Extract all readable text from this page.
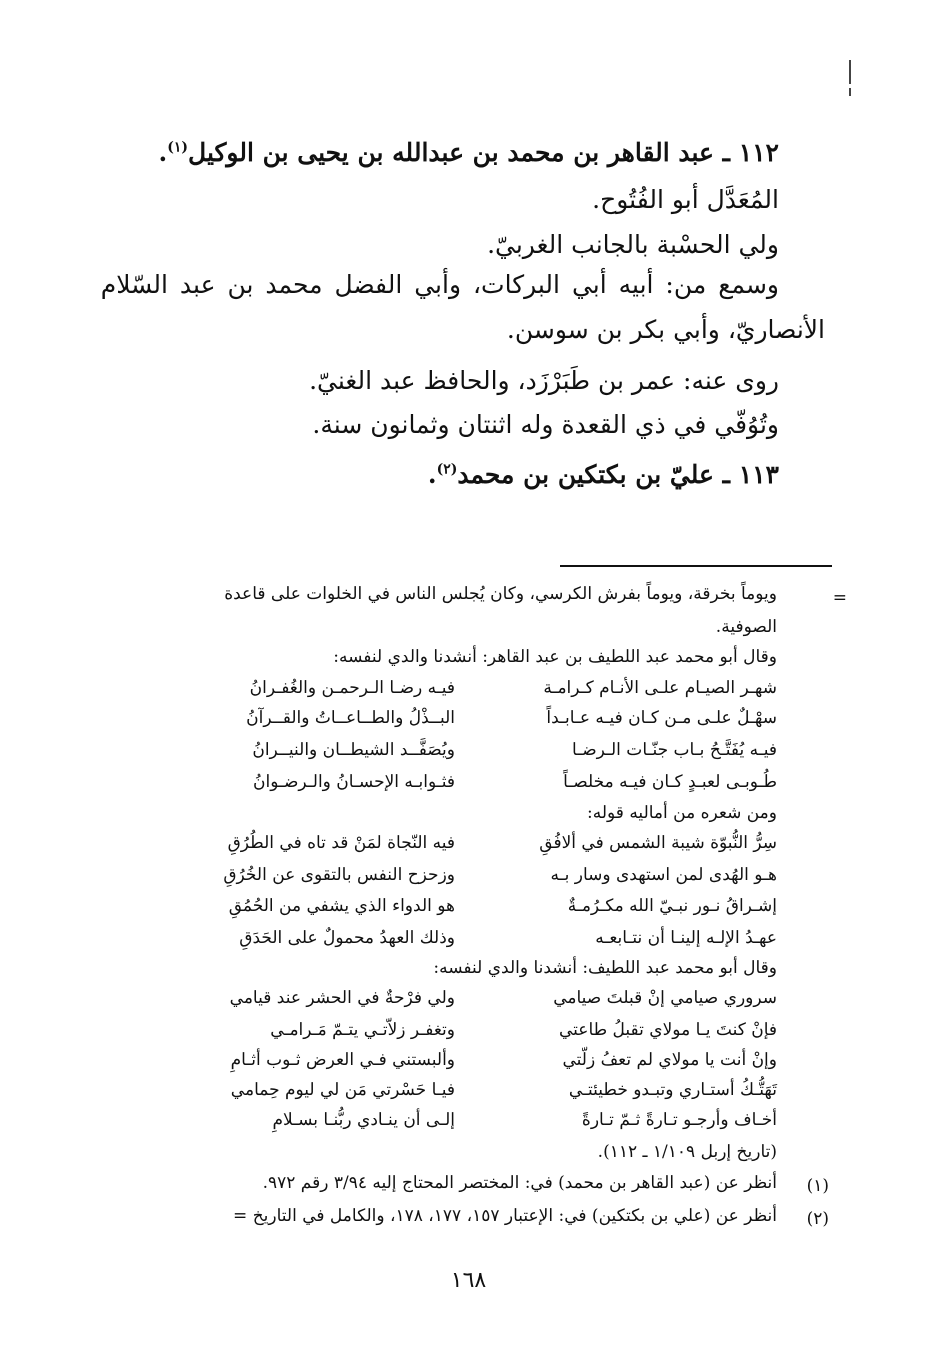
١١٢ ـ عبد القاهر بن محمد بن عبدالله بن يحيى بن الوكيل$^{(١)}$.
المُعَدَّل أبو الفُتُوح.
ولي الحسْبة بالجانب الغربيّ.
وسمع من: أبيه أبي البركات، وأبي الفضل محمد بن عبد السّلام
الأنصاريّ، وأبي بكر بن سوسن.
روى عنه: عمر بن طَبَرْزَد، والحافظ عبد الغنيّ.
وتُوُفّي في ذي القعدة وله اثنتان وثمانون سنة.
١١٣ ـ عليّ بن بكتكين بن محمد$^{(٢)}$.
=
ويوماً بخرقة، ويوماً بفرش الكرسي، وكان يُجلس الناس في الخلوات على قاعدة
الصوفية.
وقال أبو محمد عبد اللطيف بن عبد القاهر: أنشدنا والدي لنفسه:
شهـر الصيـام علـى الأنـام كـرامـة
فيـه رضـا الـرحمـن والغُفـرانُ
سهْـلٌ علـى مـن كـان فيـه عـابـداً
البــذْلُ والطــاعــاتُ والقــرآنُ
فيـه يُفَتَّـحُ بـاب جنّـات الـرضـا
ويُصَفَّــد الشيطــان والنيــرانُ
طُـوبـى لعبـدٍ كـان فيـه مخلصـاً
فثـوابـه الإحسـانُ والـرضـوانُ
ومن شعره من أماليه قوله:
سِرُّ النُّبوّة شيبة الشمس في ألافُقِ
فيه النّجاة لمَنْ قد تاه في الطُرُقِ
هـو الهُدى لمن استهدى وسار بـه
وزحزح النفس بالتقوى عن الخُرُقِ
إشـراقُ نـور نبـيّ الله مكـرُمـةٌ
هو الدواء الذي يشفي من الحُمُقِ
عهـدُ الإلـه إلينـا أن نتـابعـه
وذلك العهدُ محمولٌ على الحَدَقِ
وقال أبو محمد عبد اللطيف: أنشدنا والدي لنفسه:
سروري صيامي إنْ قبلتَ صيامي
ولي فرْحةٌ في الحشر عند قيامي
فإنْ كنتَ يـا مولاي تقبلُ طاعتي
وتغفـر زلاّتـي يتـمّ مَـرامـي
وإنْ أنت يا مولاي لم تعفُ زلّتي
وألبستني فـي العرض ثـوب أثـامِ
تَهَتُّـكُ أستـاري وتبـدو خطيئتـي
فيـا حَسْرتي مَن لي ليوم حِمامي
أخـاف وأرجـو تـارةً ثـمّ تـارةً
إلـى أن ينـادي ربُّنـا بسـلامِ
(تاريخ إربل ١/١٠٩ ـ ١١٢).
(١)
أنظر عن (عبد القاهر بن محمد) في: المختصر المحتاج إليه ٣/٩٤ رقم ٩٧٢.
(٢)
أنظر عن (علي بن بكتكين) في: الإعتبار ١٥٧، ١٧٧، ١٧٨، والكامل في التاريخ =
١٦٨
